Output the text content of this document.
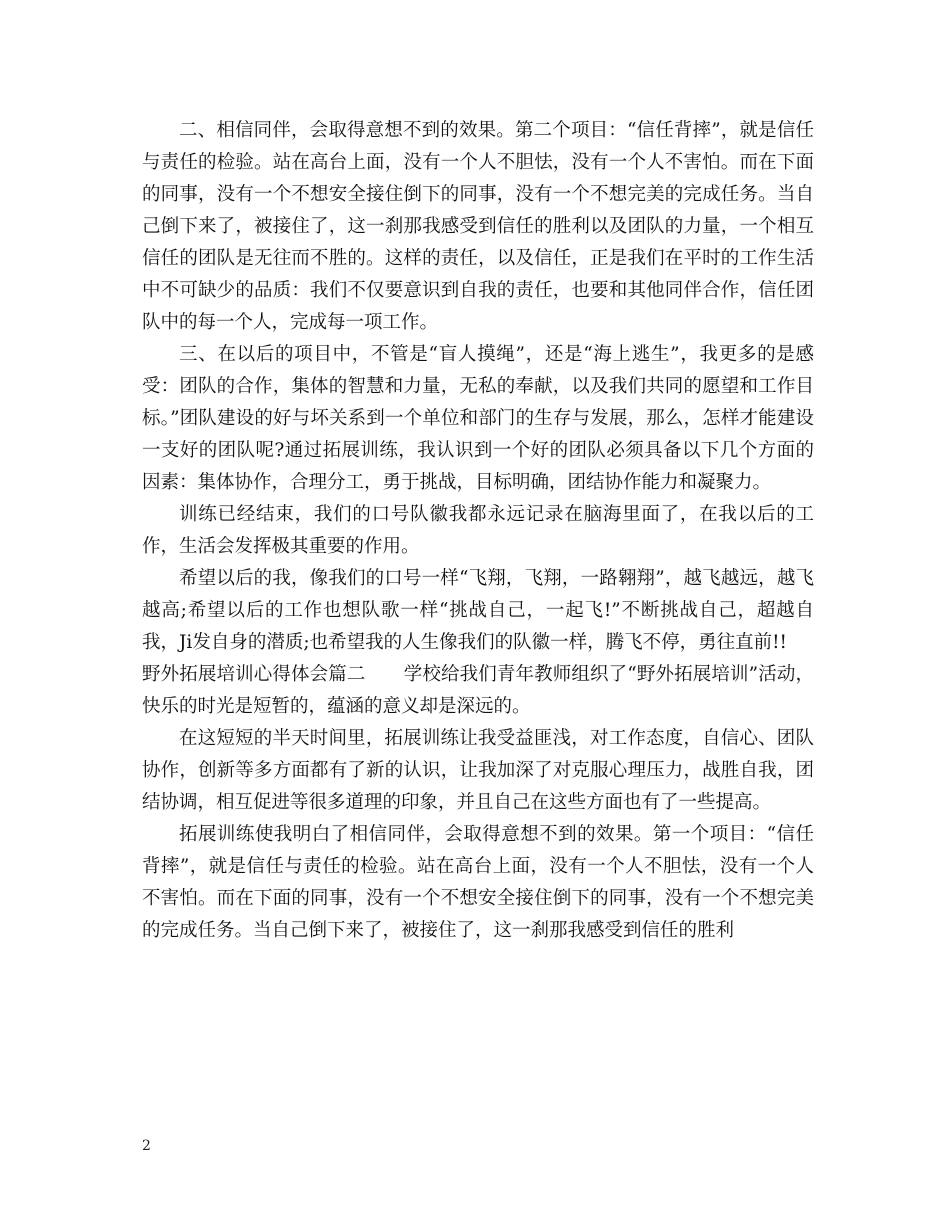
二、相信同伴，会取得意想不到的效果。第二个项目：“信任背摔”，就是信任与责任的检验。站在高台上面，没有一个人不胆怯，没有一个人不害怕。而在下面的同事，没有一个不想安全接住倒下的同事，没有一个不想完美的完成任务。当自己倒下来了，被接住了，这一刹那我感受到信任的胜利以及团队的力量，一个相互信任的团队是无往而不胜的。这样的责任，以及信任，正是我们在平时的工作生活中不可缺少的品质：我们不仅要意识到自我的责任，也要和其他同伴合作，信任团队中的每一个人，完成每一项工作。

三、在以后的项目中，不管是“盲人摸绳”，还是“海上逃生”，我更多的是感受：团队的合作，集体的智慧和力量，无私的奉献，以及我们共同的愿望和工作目标。”团队建设的好与坏关系到一个单位和部门的生存与发展，那么，怎样才能建设一支好的团队呢?通过拓展训练，我认识到一个好的团队必须具备以下几个方面的因素：集体协作，合理分工，勇于挑战，目标明确，团结协作能力和凝聚力。

训练已经结束，我们的口号队徽我都永远记录在脑海里面了，在我以后的工作，生活会发挥极其重要的作用。

希望以后的我，像我们的口号一样“飞翔，飞翔，一路翱翔”，越飞越远，越飞越高;希望以后的工作也想队歌一样“挑战自己，一起飞!”不断挑战自己，超越自我，Ji发自身的潜质;也希望我的人生像我们的队徽一样，腾飞不停，勇往直前!!

野外拓展培训心得体会篇二 学校给我们青年教师组织了“野外拓展培训”活动，快乐的时光是短暂的，蕴涵的意义却是深远的。

在这短短的半天时间里，拓展训练让我受益匪浅，对工作态度，自信心、团队协作，创新等多方面都有了新的认识，让我加深了对克服心理压力，战胜自我，团结协调，相互促进等很多道理的印象，并且自己在这些方面也有了一些提高。

拓展训练使我明白了相信同伴，会取得意想不到的效果。第一个项目：“信任背摔”，就是信任与责任的检验。站在高台上面，没有一个人不胆怯，没有一个人不害怕。而在下面的同事，没有一个不想安全接住倒下的同事，没有一个不想完美的完成任务。当自己倒下来了，被接住了，这一刹那我感受到信任的胜利

2
